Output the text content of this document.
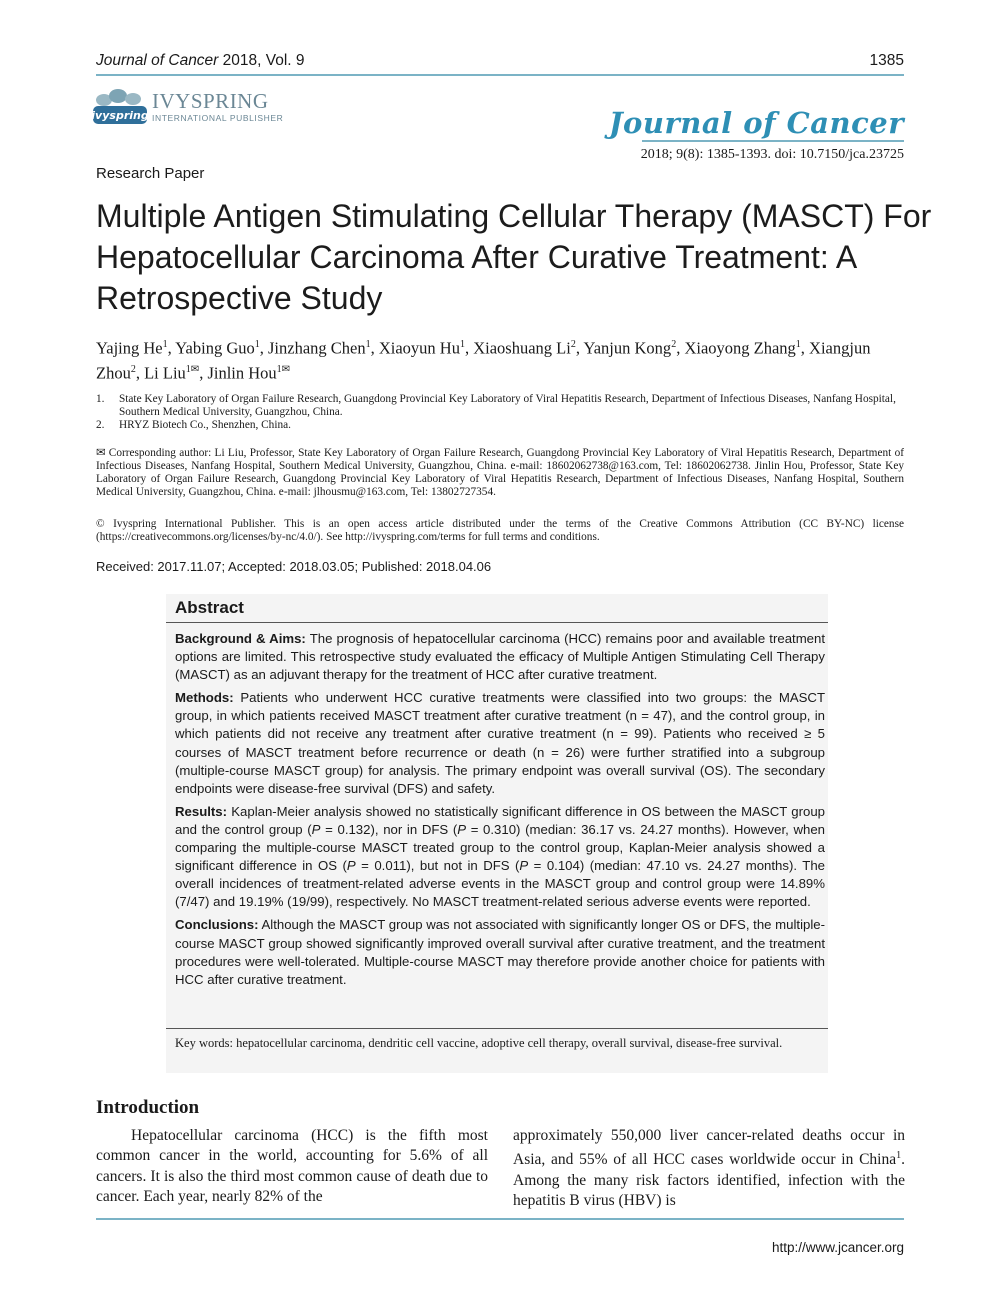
Journal of Cancer 2018, Vol. 9	1385
ivyspring
IVYSPRING
INTERNATIONAL PUBLISHER	Journal of Cancer
2018; 9(8): 1385-1393. doi: 10.7150/jca.23725
Research Paper
Multiple Antigen Stimulating Cellular Therapy (MASCT) For Hepatocellular Carcinoma After Curative Treatment: A Retrospective Study
Yajing He$^1$, Yabing Guo$^1$, Jinzhang Chen$^1$, Xiaoyun Hu$^1$, Xiaoshuang Li$^2$, Yanjun Kong$^2$, Xiaoyong Zhang$^1$, Xiangjun Zhou$^2$, Li Liu$^{1✉}$, Jinlin Hou$^{1✉}$
1. State Key Laboratory of Organ Failure Research, Guangdong Provincial Key Laboratory of Viral Hepatitis Research, Department of Infectious Diseases, Nanfang Hospital, Southern Medical University, Guangzhou, China.
2. HRYZ Biotech Co., Shenzhen, China.
✉ Corresponding author: Li Liu, Professor, State Key Laboratory of Organ Failure Research, Guangdong Provincial Key Laboratory of Viral Hepatitis Research, Department of Infectious Diseases, Nanfang Hospital, Southern Medical University, Guangzhou, China. e-mail: 18602062738@163.com, Tel: 18602062738. Jinlin Hou, Professor, State Key Laboratory of Organ Failure Research, Guangdong Provincial Key Laboratory of Viral Hepatitis Research, Department of Infectious Diseases, Nanfang Hospital, Southern Medical University, Guangzhou, China. e-mail: jlhousmu@163.com, Tel: 13802727354.
© Ivyspring International Publisher. This is an open access article distributed under the terms of the Creative Commons Attribution (CC BY-NC) license (https://creativecommons.org/licenses/by-nc/4.0/). See http://ivyspring.com/terms for full terms and conditions.
Received: 2017.11.07; Accepted: 2018.03.05; Published: 2018.04.06
Abstract

Background & Aims: The prognosis of hepatocellular carcinoma (HCC) remains poor and available treatment options are limited. This retrospective study evaluated the efficacy of Multiple Antigen Stimulating Cell Therapy (MASCT) as an adjuvant therapy for the treatment of HCC after curative treatment.

Methods: Patients who underwent HCC curative treatments were classified into two groups: the MASCT group, in which patients received MASCT treatment after curative treatment (n = 47), and the control group, in which patients did not receive any treatment after curative treatment (n = 99). Patients who received ≥ 5 courses of MASCT treatment before recurrence or death (n = 26) were further stratified into a subgroup (multiple-course MASCT group) for analysis. The primary endpoint was overall survival (OS). The secondary endpoints were disease-free survival (DFS) and safety.

Results: Kaplan-Meier analysis showed no statistically significant difference in OS between the MASCT group and the control group (P = 0.132), nor in DFS (P = 0.310) (median: 36.17 vs. 24.27 months). However, when comparing the multiple-course MASCT treated group to the control group, Kaplan-Meier analysis showed a significant difference in OS (P = 0.011), but not in DFS (P = 0.104) (median: 47.10 vs. 24.27 months). The overall incidences of treatment-related adverse events in the MASCT group and control group were 14.89% (7/47) and 19.19% (19/99), respectively. No MASCT treatment-related serious adverse events were reported.

Conclusions: Although the MASCT group was not associated with significantly longer OS or DFS, the multiple-course MASCT group showed significantly improved overall survival after curative treatment, and the treatment procedures were well-tolerated. Multiple-course MASCT may therefore provide another choice for patients with HCC after curative treatment.

Key words: hepatocellular carcinoma, dendritic cell vaccine, adoptive cell therapy, overall survival, disease-free survival.
Introduction

Hepatocellular carcinoma (HCC) is the fifth most common cancer in the world, accounting for 5.6% of all cancers. It is also the third most common cause of death due to cancer. Each year, nearly 82% of the

approximately 550,000 liver cancer-related deaths occur in Asia, and 55% of all HCC cases worldwide occur in China$^1$. Among the many risk factors identified, infection with the hepatitis B virus (HBV) is

http://www.jcancer.org
